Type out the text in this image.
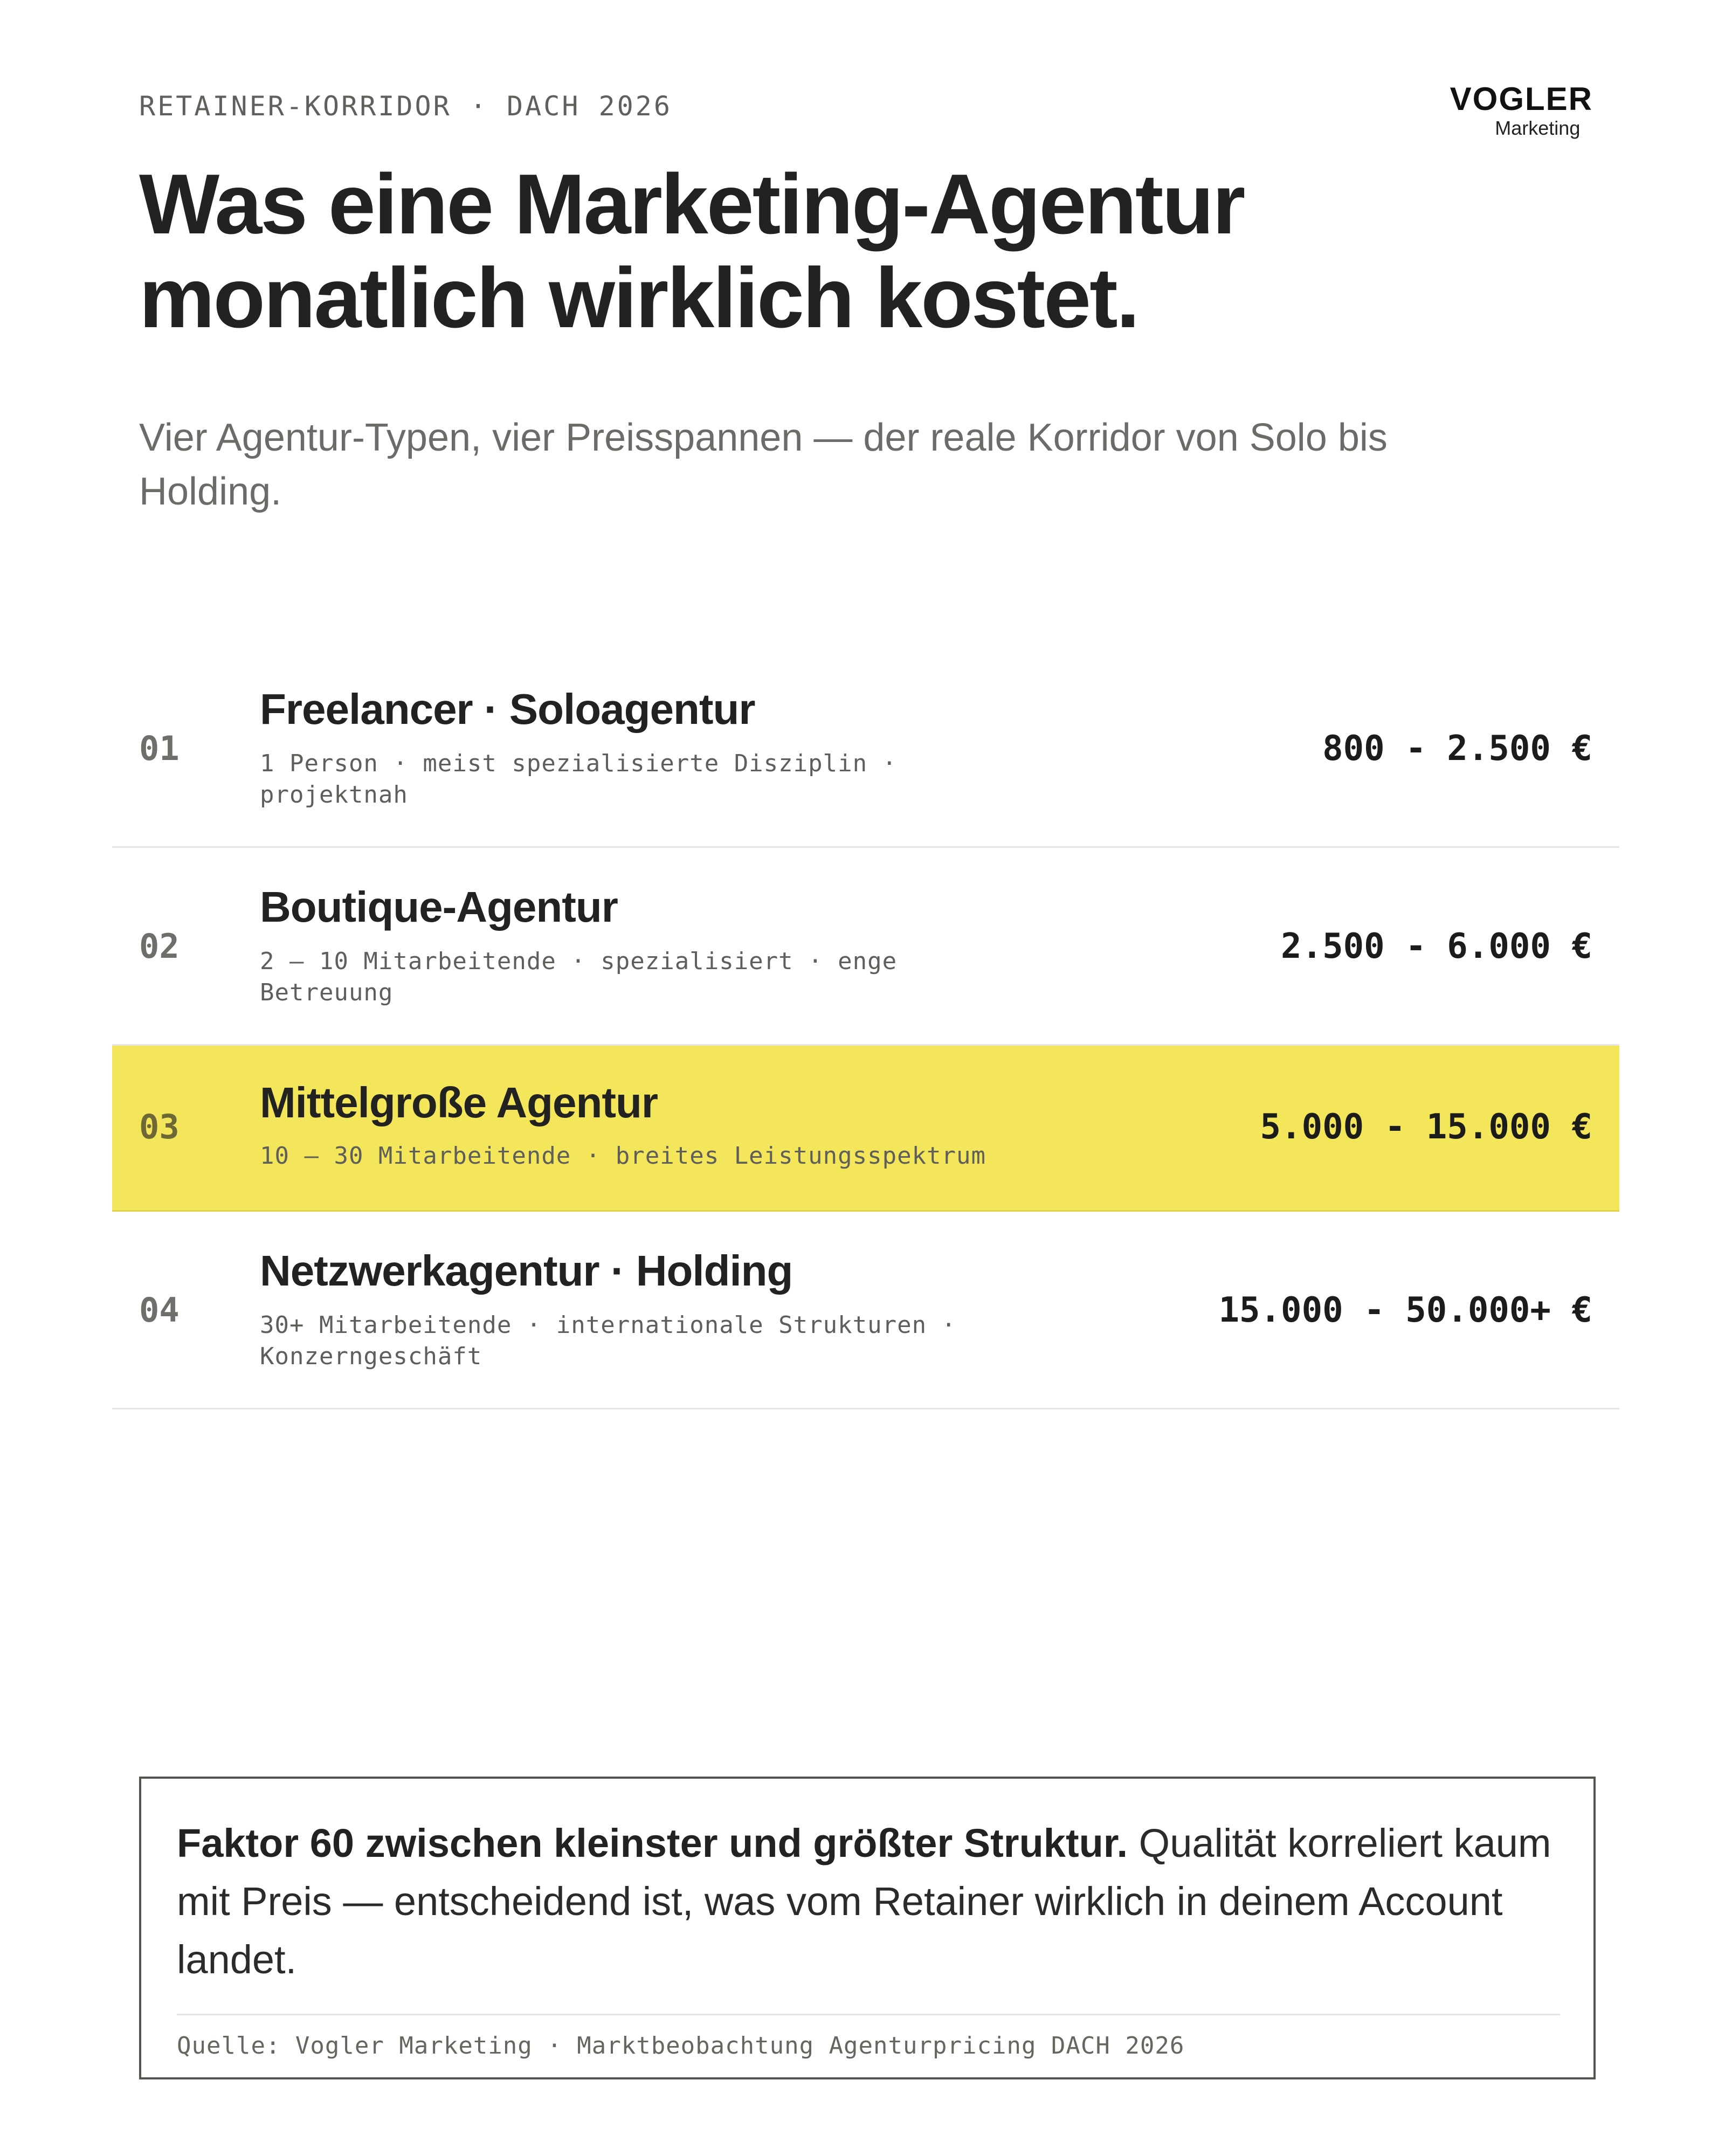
RETAINER-KORRIDOR · DACH 2026	VOGLER
Marketing
Was eine Marketing-Agentur
monatlich wirklich kostet.

Vier Agentur-Typen, vier Preisspannen — der reale Korridor von Solo bis Holding.

01
Freelancer · Soloagentur
1 Person · meist spezialisierte Disziplin · projektnah
800 - 2.500 €
02
Boutique-Agentur
2 – 10 Mitarbeitende · spezialisiert · enge Betreuung
2.500 - 6.000 €
03
Mittelgroße Agentur
10 – 30 Mitarbeitende · breites Leistungsspektrum
5.000 - 15.000 €
04
Netzwerkagentur · Holding
30+ Mitarbeitende · internationale Strukturen · Konzerngeschäft
15.000 - 50.000+ €

Faktor 60 zwischen kleinster und größter Struktur. Qualität korreliert kaum mit Preis — entscheidend ist, was vom Retainer wirklich in deinem Account landet.

Quelle: Vogler Marketing · Marktbeobachtung Agenturpricing DACH 2026
